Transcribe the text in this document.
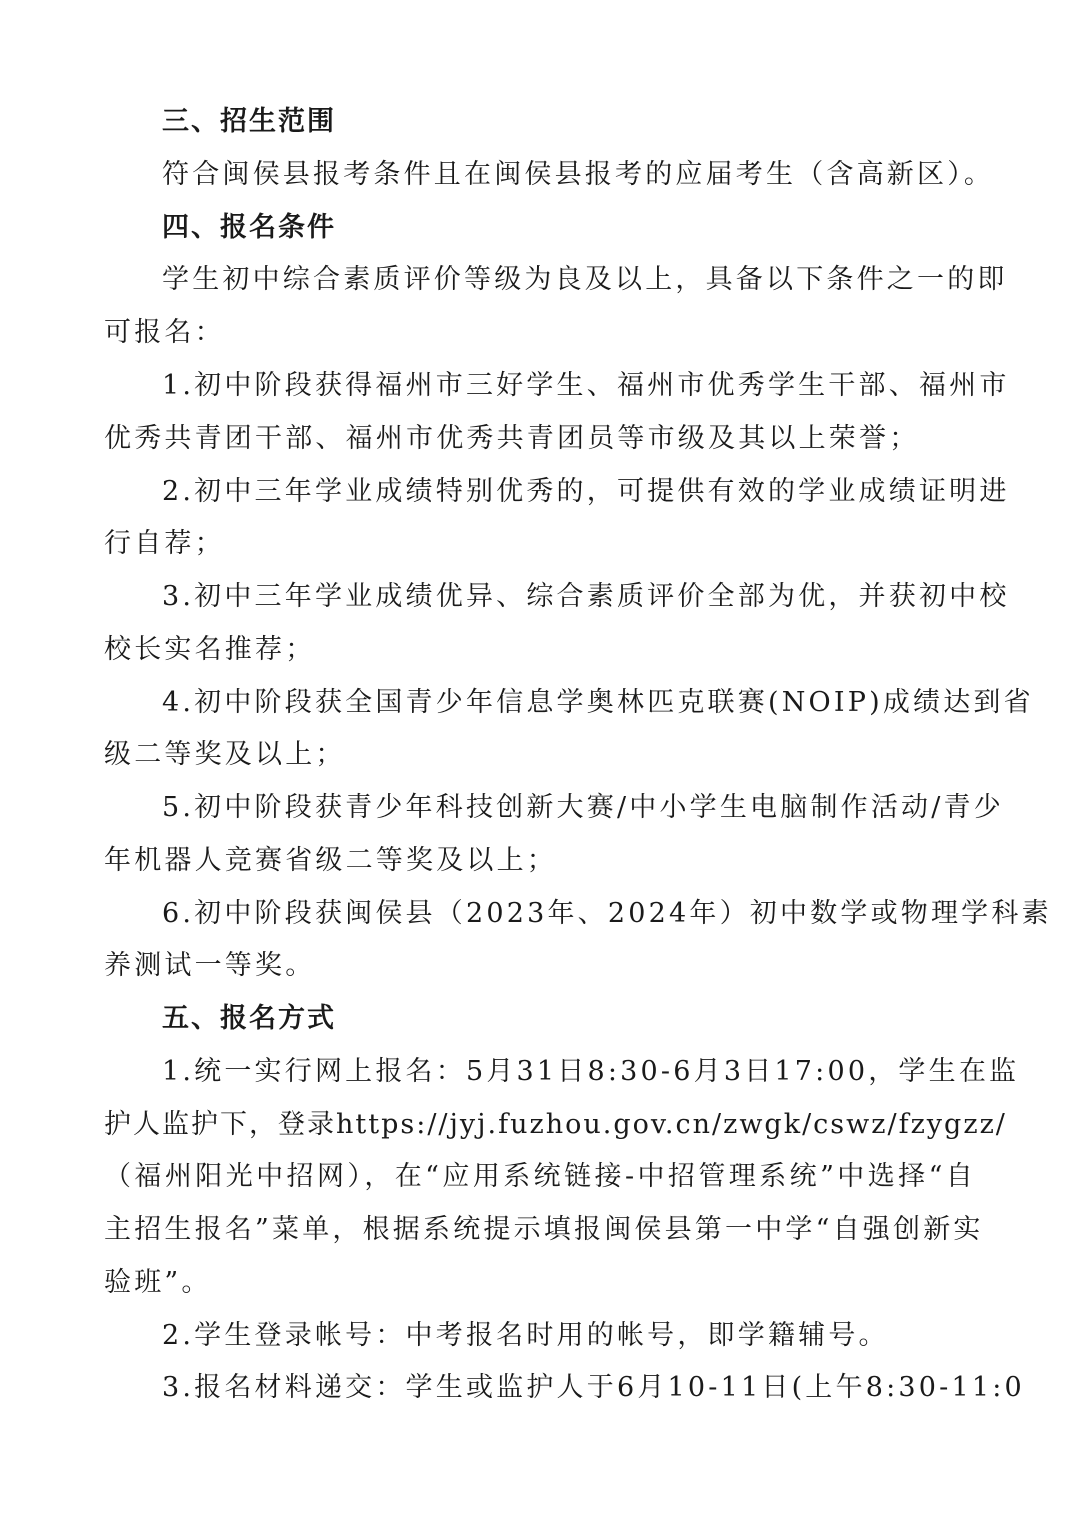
三、招生范围
符合闽侯县报考条件且在闽侯县报考的应届考生（含高新区）。
四、报名条件
学生初中综合素质评价等级为良及以上，具备以下条件之一的即
可报名：
1.初中阶段获得福州市三好学生、福州市优秀学生干部、福州市
优秀共青团干部、福州市优秀共青团员等市级及其以上荣誉；
2.初中三年学业成绩特别优秀的，可提供有效的学业成绩证明进
行自荐；
3.初中三年学业成绩优异、综合素质评价全部为优，并获初中校
校长实名推荐；
4.初中阶段获全国青少年信息学奥林匹克联赛(NOIP)成绩达到省
级二等奖及以上；
5.初中阶段获青少年科技创新大赛/中小学生电脑制作活动/青少
年机器人竞赛省级二等奖及以上；
6.初中阶段获闽侯县（2023年、2024年）初中数学或物理学科素
养测试一等奖。
五、报名方式
1.统一实行网上报名：5月31日8:30-6月3日17:00，学生在监
护人监护下，登录https://jyj.fuzhou.gov.cn/zwgk/cswz/fzygzz/
（福州阳光中招网），在“应用系统链接-中招管理系统”中选择“自
主招生报名”菜单，根据系统提示填报闽侯县第一中学“自强创新实
验班”。
2.学生登录帐号：中考报名时用的帐号，即学籍辅号。
3.报名材料递交：学生或监护人于6月10-11日(上午8:30-11:0
